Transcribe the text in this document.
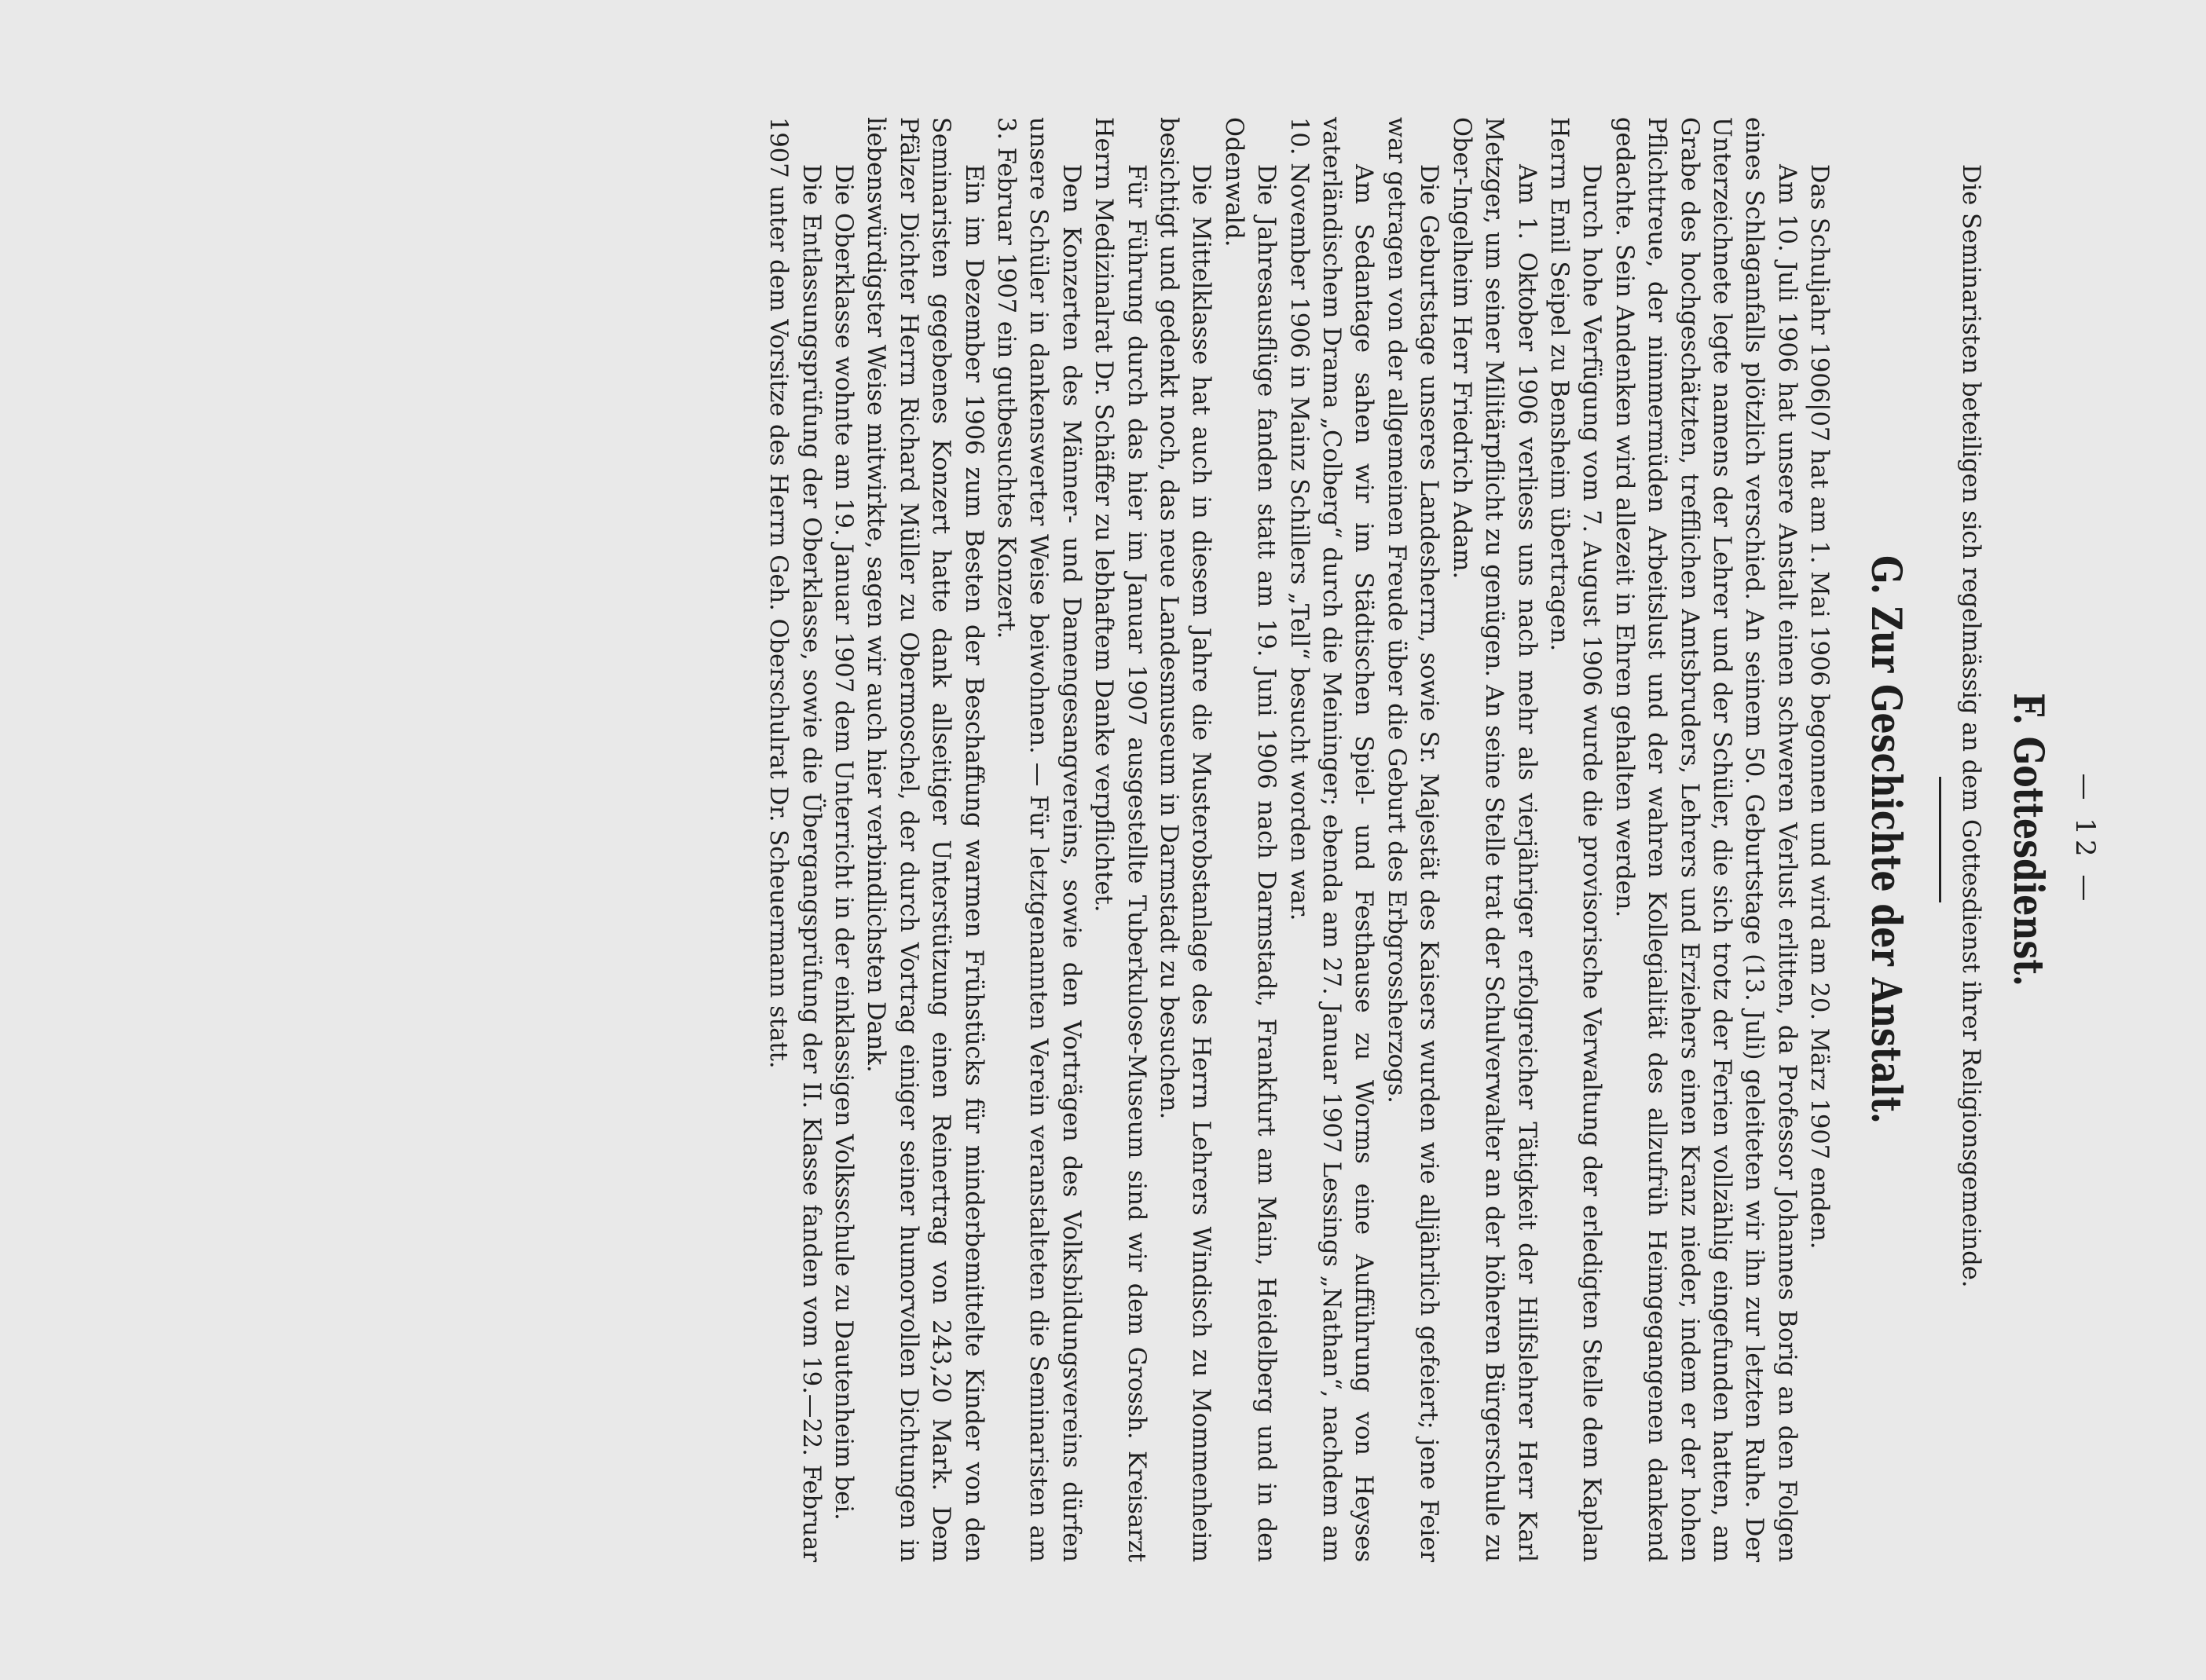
— 12 —
F. Gottesdienst.

Die Seminaristen beteiligen sich regelmässig an dem Gottesdienst ihrer Religionsgemeinde.

G. Zur Geschichte der Anstalt.

Das Schuljahr 1906|07 hat am 1. Mai 1906 begonnen und wird am 20. März 1907 enden.

Am 10. Juli 1906 hat unsere Anstalt einen schweren Verlust erlitten, da Professor Johannes Borig an den Folgen eines Schlaganfalls plötzlich verschied. An seinem 50. Geburtstage (13. Juli) geleiteten wir ihn zur letzten Ruhe. Der Unterzeichnete legte namens der Lehrer und der Schüler, die sich trotz der Ferien vollzählig eingefunden hatten, am Grabe des hochgeschätzten, trefflichen Amtsbruders, Lehrers und Erziehers einen Kranz nieder, indem er der hohen Pflichttreue, der nimmermüden Arbeitslust und der wahren Kollegialität des allzufrüh Heimgegangenen dankend gedachte. Sein Andenken wird allezeit in Ehren gehalten werden.

Durch hohe Verfügung vom 7. August 1906 wurde die provisorische Verwaltung der erledigten Stelle dem Kaplan Herrn Emil Seipel zu Bensheim übertragen.

Am 1. Oktober 1906 verliess uns nach mehr als vierjähriger erfolgreicher Tätigkeit der Hilfslehrer Herr Karl Metzger, um seiner Militärpflicht zu genügen. An seine Stelle trat der Schulverwalter an der höheren Bürgerschule zu Ober-Ingelheim Herr Friedrich Adam.

Die Geburtstage unseres Landesherrn, sowie Sr. Majestät des Kaisers wurden wie alljährlich gefeiert; jene Feier war getragen von der allgemeinen Freude über die Geburt des Erbgrossherzogs.

Am Sedantage sahen wir im Städtischen Spiel- und Festhause zu Worms eine Aufführung von Heyses vaterländischem Drama „Colberg“ durch die Meininger; ebenda am 27. Januar 1907 Lessings „Nathan“, nachdem am 10. November 1906 in Mainz Schillers „Tell“ besucht worden war.

Die Jahresausflüge fanden statt am 19. Juni 1906 nach Darmstadt, Frankfurt am Main, Heidelberg und in den Odenwald.

Die Mittelklasse hat auch in diesem Jahre die Musterobstanlage des Herrn Lehrers Windisch zu Mommenheim besichtigt und gedenkt noch, das neue Landesmuseum in Darmstadt zu besuchen.

Für Führung durch das hier im Januar 1907 ausgestellte Tuberkulose-Museum sind wir dem Grossh. Kreisarzt Herrn Medizinalrat Dr. Schäffer zu lebhaftem Danke verpflichtet.

Den Konzerten des Männer- und Damengesangvereins, sowie den Vorträgen des Volksbildungsvereins dürfen unsere Schüler in dankenswerter Weise beiwohnen. — Für letztgenannten Verein veranstalteten die Seminaristen am 3. Februar 1907 ein gutbesuchtes Konzert.

Ein im Dezember 1906 zum Besten der Beschaffung warmen Frühstücks für minderbemittelte Kinder von den Seminaristen gegebenes Konzert hatte dank allseitiger Unterstützung einen Reinertrag von 243,20 Mark. Dem Pfälzer Dichter Herrn Richard Müller zu Obermoschel, der durch Vortrag einiger seiner humorvollen Dichtungen in liebenswürdigster Weise mitwirkte, sagen wir auch hier verbindlichsten Dank.

Die Oberklasse wohnte am 19. Januar 1907 dem Unterricht in der einklassigen Volksschule zu Dautenheim bei.

Die Entlassungsprüfung der Oberklasse, sowie die Übergangsprüfung der II. Klasse fanden vom 19.—22. Februar 1907 unter dem Vorsitze des Herrn Geh. Oberschulrat Dr. Scheuermann statt.
